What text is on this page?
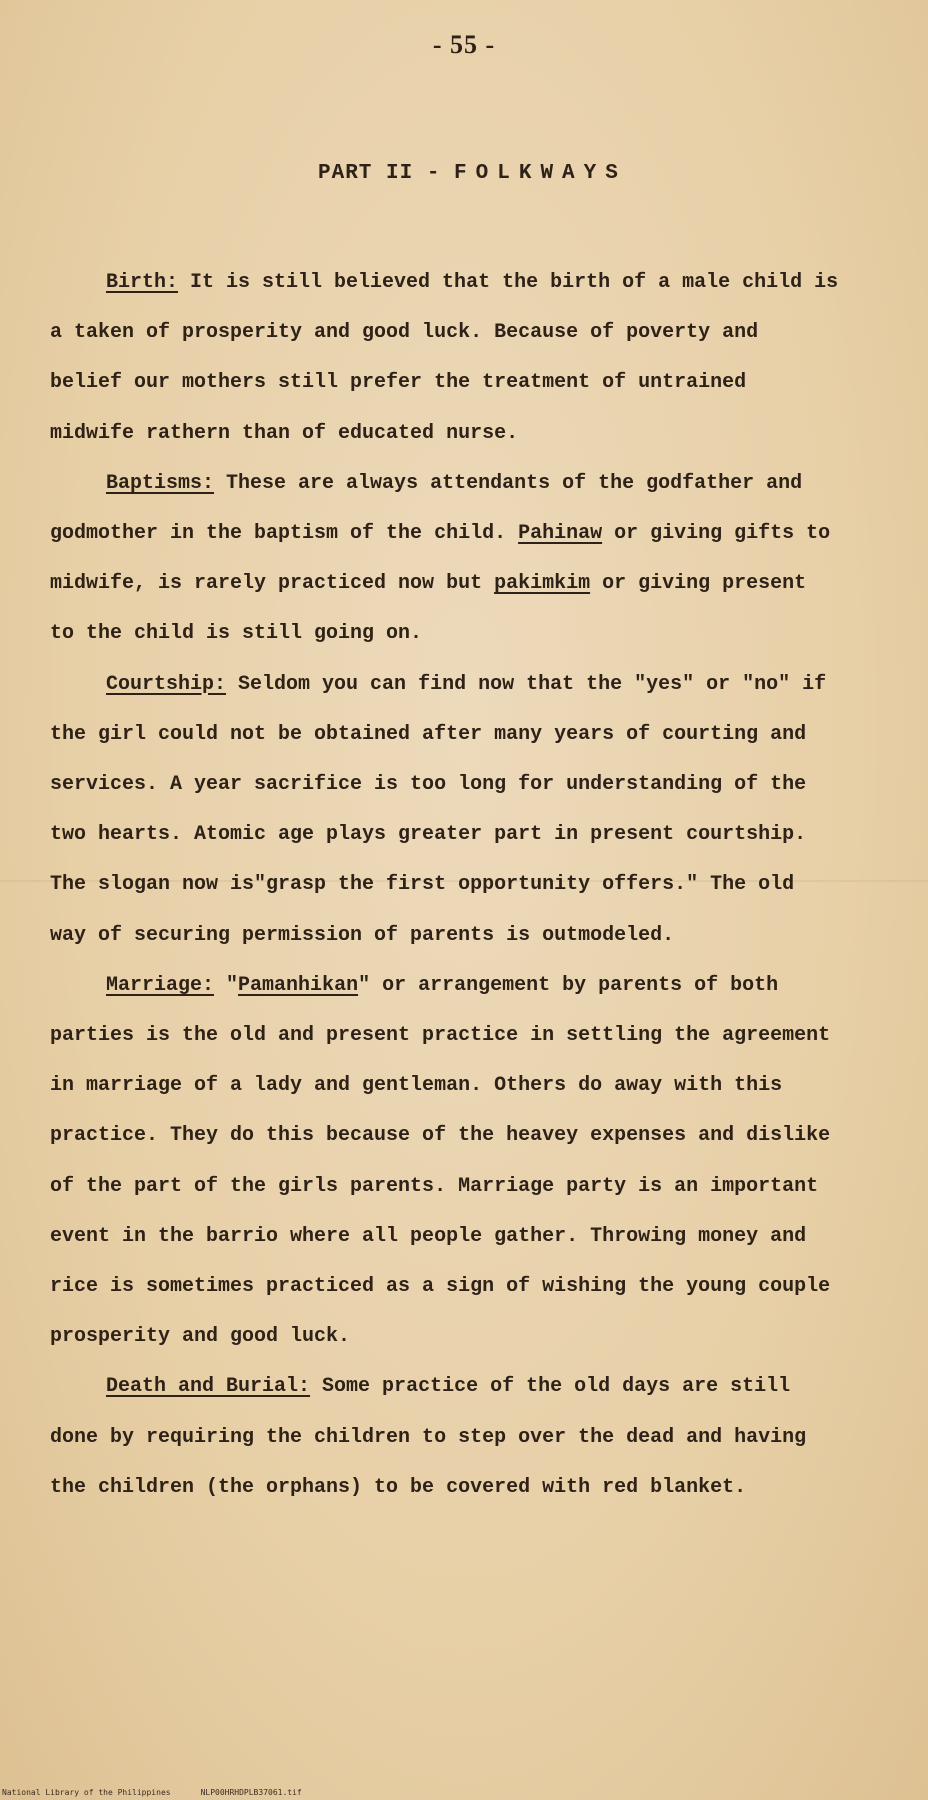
- 55 -
PART II - FOLKWAYS

Birth: It is still believed that the birth of a male child is a taken of prosperity and good luck. Because of poverty and belief our mothers still prefer the treatment of untrained midwife rathern than of educated nurse.

Baptisms: These are always attendants of the godfather and godmother in the baptism of the child. Pahinaw or giving gifts to midwife, is rarely practiced now but pakimkim or giving present to the child is still going on.

Courtship: Seldom you can find now that the "yes" or "no" if the girl could not be obtained after many years of courting and services. A year sacrifice is too long for understanding of the two hearts. Atomic age plays greater part in present courtship. The slogan now is"grasp the first opportunity offers." The old way of securing permission of parents is outmodeled.

Marriage: "Pamanhikan" or arrangement by parents of both parties is the old and present practice in settling the agreement in marriage of a lady and gentleman. Others do away with this practice. They do this because of the heavey expenses and dislike of the part of the girls parents. Marriage party is an important event in the barrio where all people gather. Throwing money and rice is sometimes practiced as a sign of wishing the young couple prosperity and good luck.

Death and Burial: Some practice of the old days are still done by requiring the children to step over the dead and having the children (the orphans) to be covered with red blanket.

National Library of the Philippines	NLP00HRHDPLB37061.tif
